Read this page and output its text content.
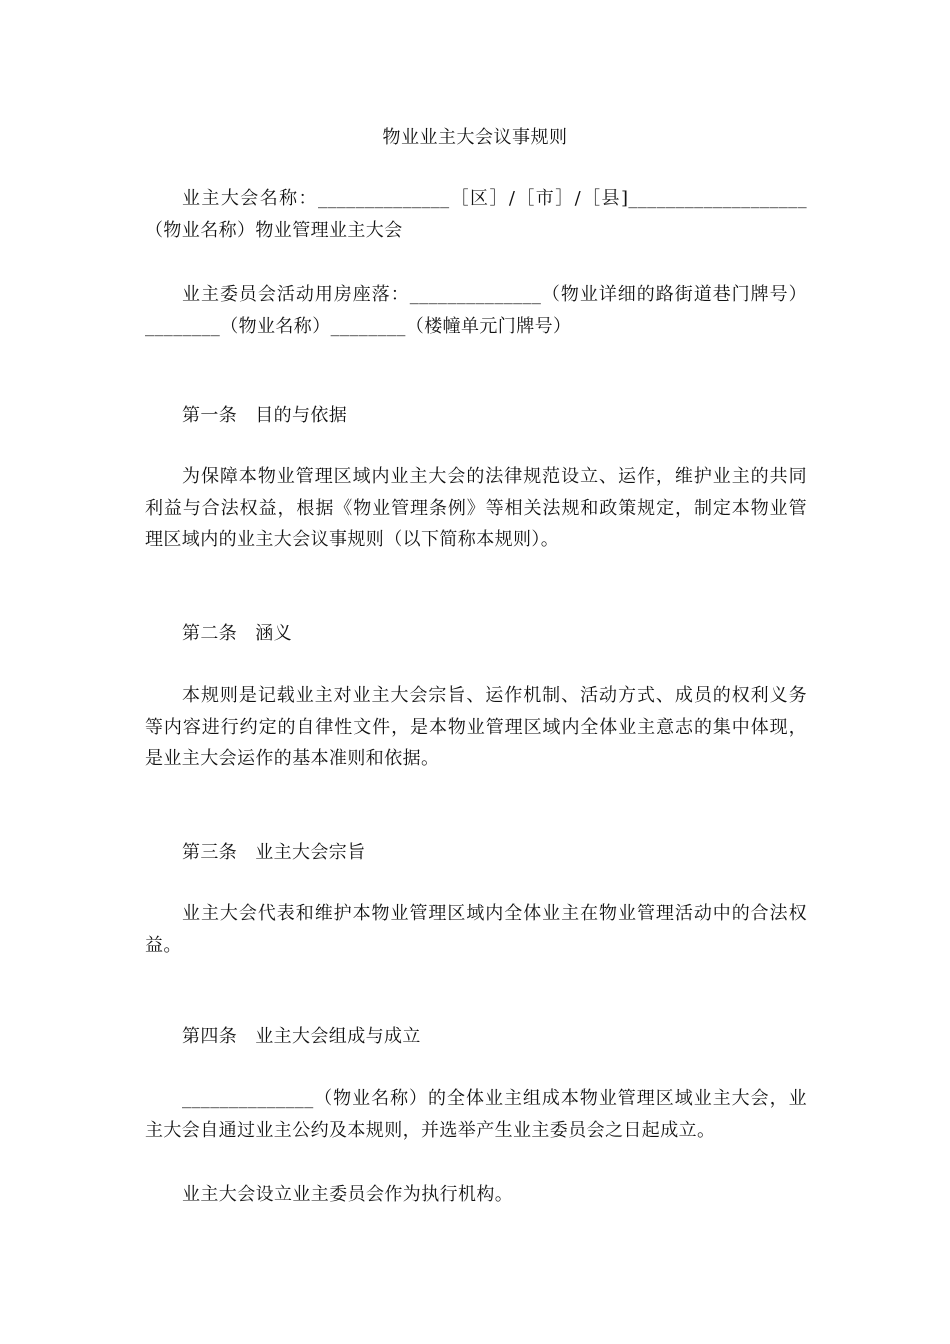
物业业主大会议事规则

业主大会名称：______________［区］/［市］/［县]___________________（物业名称）物业管理业主大会

业主委员会活动用房座落：______________（物业详细的路街道巷门牌号）________（物业名称）________（楼幢单元门牌号）

第一条 目的与依据

为保障本物业管理区域内业主大会的法律规范设立、运作，维护业主的共同利益与合法权益，根据《物业管理条例》等相关法规和政策规定，制定本物业管理区域内的业主大会议事规则（以下简称本规则）。

第二条 涵义

本规则是记载业主对业主大会宗旨、运作机制、活动方式、成员的权利义务等内容进行约定的自律性文件，是本物业管理区域内全体业主意志的集中体现，是业主大会运作的基本准则和依据。

第三条 业主大会宗旨

业主大会代表和维护本物业管理区域内全体业主在物业管理活动中的合法权益。

第四条 业主大会组成与成立

______________（物业名称）的全体业主组成本物业管理区域业主大会，业主大会自通过业主公约及本规则，并选举产生业主委员会之日起成立。

业主大会设立业主委员会作为执行机构。
